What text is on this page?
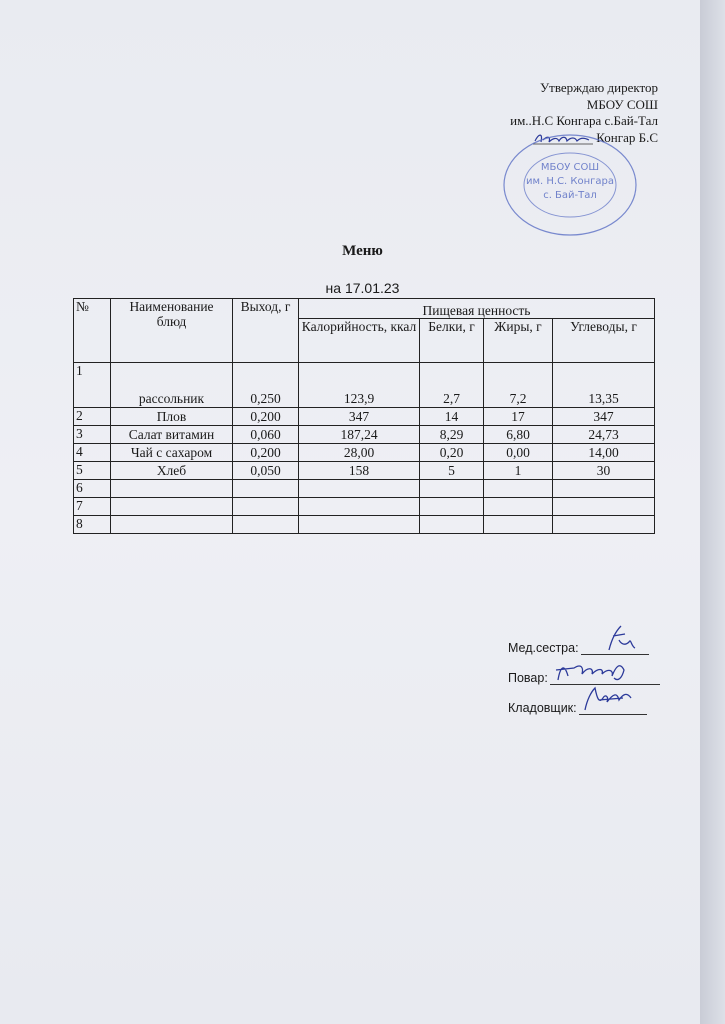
Утверждаю директор
МБОУ СОШ
им..Н.С Конгара с.Бай-Тал
Конгар Б.С
МБОУ СОШ
им. Н.С. Конгара
с. Бай-Тал
Меню
на 17.01.23
№	Наименование блюд	Выход, г	Пищевая ценность			
			Калорийность, ккал	Белки, г	Жиры, г	Углеводы, г
1	рассольник	0,250	123,9	2,7	7,2	13,35
2	Плов	0,200	347	14	17	347
3	Салат витамин	0,060	187,24	8,29	6,80	24,73
4	Чай с сахаром	0,200	28,00	0,20	0,00	14,00
5	Хлеб	0,050	158	5	1	30
6						
7						
8						
Мед.сестра:
Повар:
Кладовщик:
